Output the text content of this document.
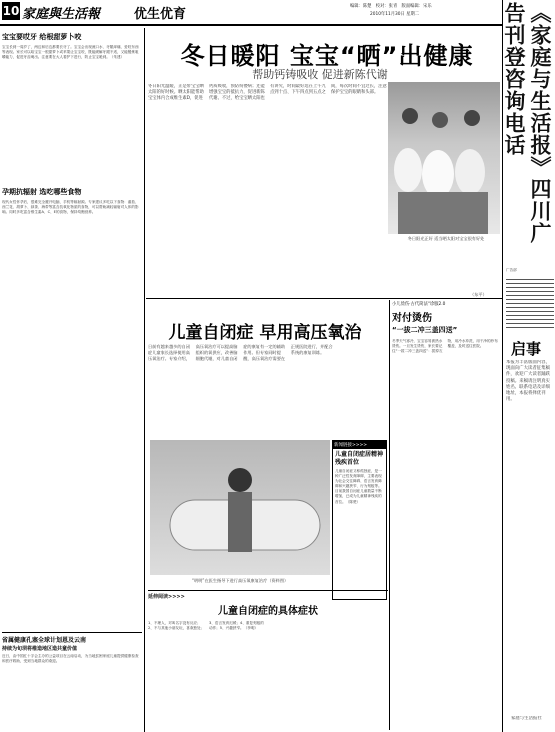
10 家庭與生活報	优生优育
编辑：陈楚　校对：张青　版面编辑：宋乐
2010年11月30日 星期二	《家庭与生活报》四川广告刊登咨询电话
广告部
启事
本报为丰富版面内容，现面向广大读者征集稿件，欢迎广大读者踊跃投稿。来稿请注明真实姓名、联系电话及详细地址，本报将择优刊用。
家庭与生活报社
宝宝要哎牙 给根甜萝卜咬
宝宝长到一周岁了，两边和后边都要长牙了。宝宝会出现流口水、牙龈痒痛、爱咬东西等表现。家长可以给宝宝一根甜萝卜或苹果让宝宝咬，既能缓解牙龈不适，又能锻炼咀嚼能力，促进牙齿萌出。注意要在大人看护下进行，防止宝宝呛到。（朱建）
孕期抗辐射 选吃哪些食物
现代女性怀孕后，很难完全避开电脑、手机等辐射源。专家建议多吃以下食物：番茄、西兰花、胡萝卜、绿茶、海带等富含抗氧化物质的食物，可以帮助减轻辐射对人体的影响。同时多吃富含维生素A、C、E的食物，保持均衡营养。
省属健康孔塞全球计划恩及云南
持续为旬坝将椎造地区造共童价值
近日，由中国红十字会主办的公益项目在云南启动，为当地贫困家庭儿童提供健康检查和医疗救助，受到当地群众的欢迎。
冬日暖阳 宝宝“晒”出健康
帮助钙铸吸收 促进新陈代谢
冬日阳光温暖，正是带宝宝晒太阳的好时候。晒太阳能帮助宝宝体内合成维生素D，促进钙质吸收，预防佝偻病；还能增强宝宝的抵抗力，促进新陈代谢。不过，给宝宝晒太阳也有讲究，时间最好选在上午九点到十点、下午四点到五点之间，每次时间不宜过长，注意保护宝宝的眼睛和头部。
冬日阳光正好 适当晒太阳对宝宝很有好处
儿童自闭症 早用高压氧治
日前有越来越多的自闭症儿童家长选择使用高压氧治疗。专家介绍，高压氧治疗可以提高脑组织的氧供应，改善脑细胞代谢，对儿童自闭症的康复有一定的辅助作用。但专家同时提醒，高压氧治疗需要在正规医院进行，并配合系统的康复训练。
“明明”在医生指导下进行高压氧康复治疗（资料图）
新闻链接>>>>
儿童自闭症居精神残疾首位
儿童自闭症又称孤独症，是一种广泛性发育障碍，主要表现为社会交往障碍、语言发育障碍和兴趣狭窄、行为刻板等。目前我国自闭症儿童数量不断增加，已成为儿童精神残疾的首位。（陈楚）
延伸阅读>>>>
儿童自闭症的具体症状
1、不理人，对叫名字没有反应；2、不与其他小朋友玩，喜欢独处；3、语言发育迟缓；4、重复刻板的动作；5、兴趣狭窄。（李明）
小儿烫伤·古代简法“诊服2.0
对付烫伤
“一拔二冲三盖四送”
冬季天气寒冷，宝宝容易被热水烫伤。一旦发生烫伤，家长要记住“一拔二冲三盖四送”：拔掉衣物，用冷水冲洗，用干净的纱布覆盖，及时送往医院。
（东平）
